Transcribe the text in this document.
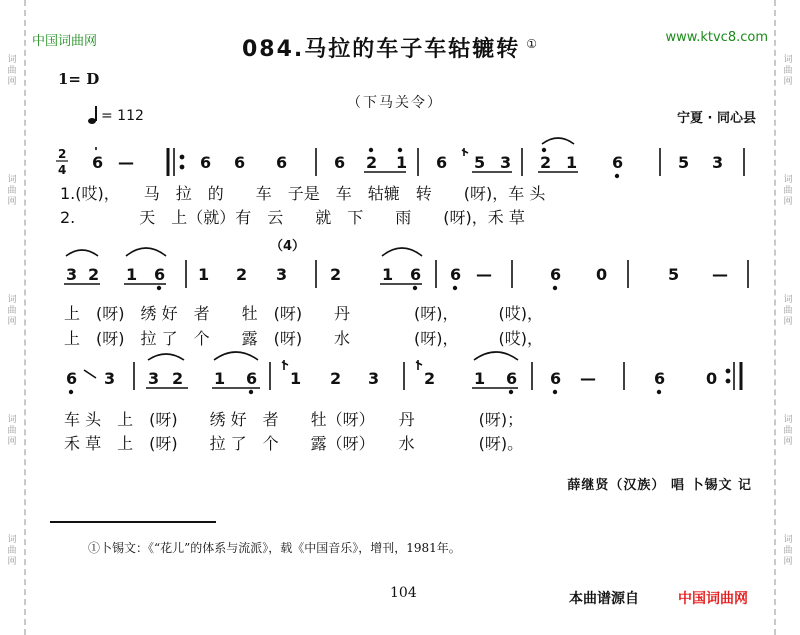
词 曲 网
词 曲 网
词 曲 网
词 曲 网
词 曲 网
词 曲 网
词 曲 网
词 曲 网
词 曲 网
词 曲 网
中国词曲网	www.ktvc8.com
084.马拉的车子车轱辘转 ①
1= D
（下马关令）
= 112	宁夏 · 同心县
2
4 6 —	6 6 6	6 2 1 6 5 3 2 1 6	5 3
（4）
3 2 1 6 1 2 3	2	1 6 6 —	6 0	5 —
6 3 3 2 1 6 1 2 3	2 1 6 6 —	6	0
1.(哎)，　　马　拉　的　　车　子是　车　轱辘　转　　(呀)，车 头
2.　　　　天　上（就）有　云　　就　下　　雨　　(呀)，禾 草
上　(呀)　绣 好　者　　牡　(呀)　　丹　　　　(呀)，　　　(哎)，
上　(呀)　拉 了　个　　露　(呀)　　水　　　　(呀)，　　　(哎)，
车 头　上　(呀)　　绣 好　者　　牡（呀）　　丹　　　　(呀)；
禾 草　上　(呀)　　拉 了　个　　露（呀）　　水　　　　(呀)。
薛继贤（汉族） 唱 卜锡文 记
①卜锡文：《“花儿”的体系与流派》，载《中国音乐》，增刊，1981年。
104	本曲谱源自	中国词曲网
